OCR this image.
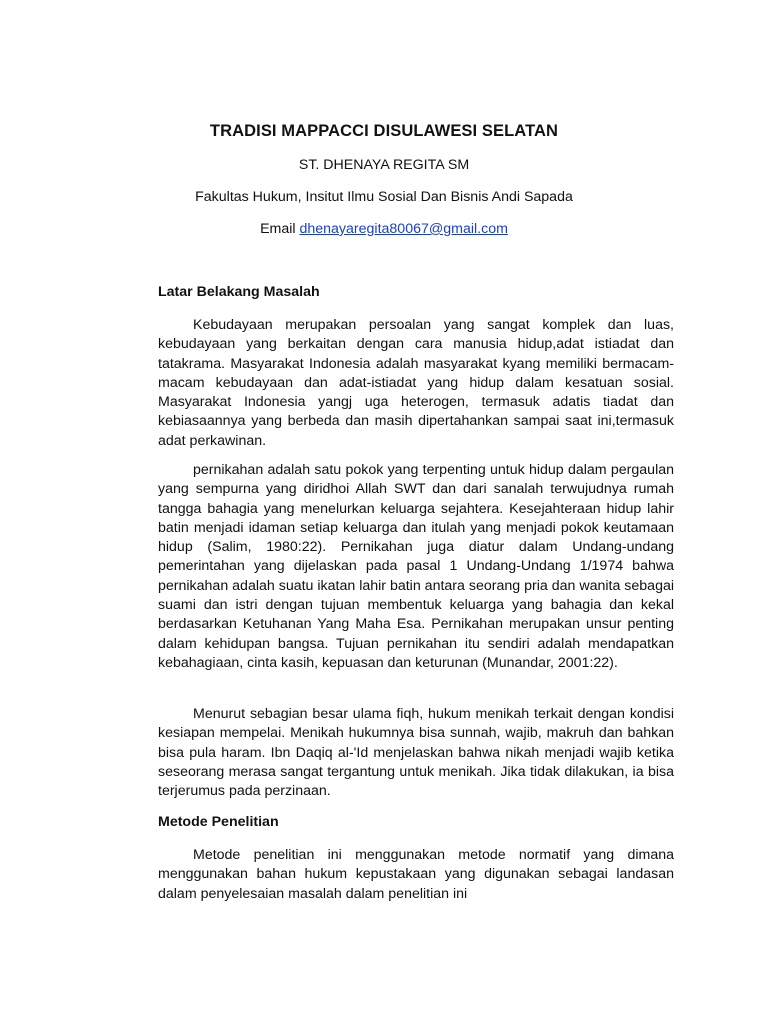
TRADISI MAPPACCI DISULAWESI SELATAN
ST. DHENAYA REGITA SM
Fakultas Hukum, Insitut Ilmu Sosial Dan Bisnis Andi Sapada
Email dhenayaregita80067@gmail.com
Latar Belakang Masalah

Kebudayaan merupakan persoalan yang sangat komplek dan luas, kebudayaan yang berkaitan dengan cara manusia hidup,adat istiadat dan tatakrama. Masyarakat Indonesia adalah masyarakat kyang memiliki bermacam-macam kebudayaan dan adat-istiadat yang hidup dalam kesatuan sosial. Masyarakat Indonesia yangj uga heterogen, termasuk adatis tiadat dan kebiasaannya yang berbeda dan masih dipertahankan sampai saat ini,termasuk adat perkawinan.

pernikahan adalah satu pokok yang terpenting untuk hidup dalam pergaulan yang sempurna yang diridhoi Allah SWT dan dari sanalah terwujudnya rumah tangga bahagia yang menelurkan keluarga sejahtera. Kesejahteraan hidup lahir batin menjadi idaman setiap keluarga dan itulah yang menjadi pokok keutamaan hidup (Salim, 1980:22). Pernikahan juga diatur dalam Undang-undang pemerintahan yang dijelaskan pada pasal 1 Undang-Undang 1/1974 bahwa pernikahan adalah suatu ikatan lahir batin antara seorang pria dan wanita sebagai suami dan istri dengan tujuan membentuk keluarga yang bahagia dan kekal berdasarkan Ketuhanan Yang Maha Esa. Pernikahan merupakan unsur penting dalam kehidupan bangsa. Tujuan pernikahan itu sendiri adalah mendapatkan kebahagiaan, cinta kasih, kepuasan dan keturunan (Munandar, 2001:22).

Menurut sebagian besar ulama fiqh, hukum menikah terkait dengan kondisi kesiapan mempelai. Menikah hukumnya bisa sunnah, wajib, makruh dan bahkan bisa pula haram. Ibn Daqiq al-'Id menjelaskan bahwa nikah menjadi wajib ketika seseorang merasa sangat tergantung untuk menikah. Jika tidak dilakukan, ia bisa terjerumus pada perzinaan.

Metode Penelitian

Metode penelitian ini menggunakan metode normatif yang dimana menggunakan bahan hukum kepustakaan yang digunakan sebagai landasan dalam penyelesaian masalah dalam penelitian ini
